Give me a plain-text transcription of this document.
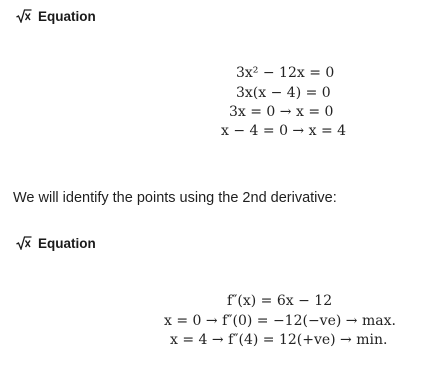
Equation
3x² − 12x = 0
3x(x − 4) = 0
3x = 0 → x = 0
x − 4 = 0 → x = 4
We will identify the points using the 2nd derivative:
Equation
f″(x) = 6x − 12
x = 0 → f″(0) = −12(−ve) → max.
x = 4 → f″(4) = 12(+ve) → min.
